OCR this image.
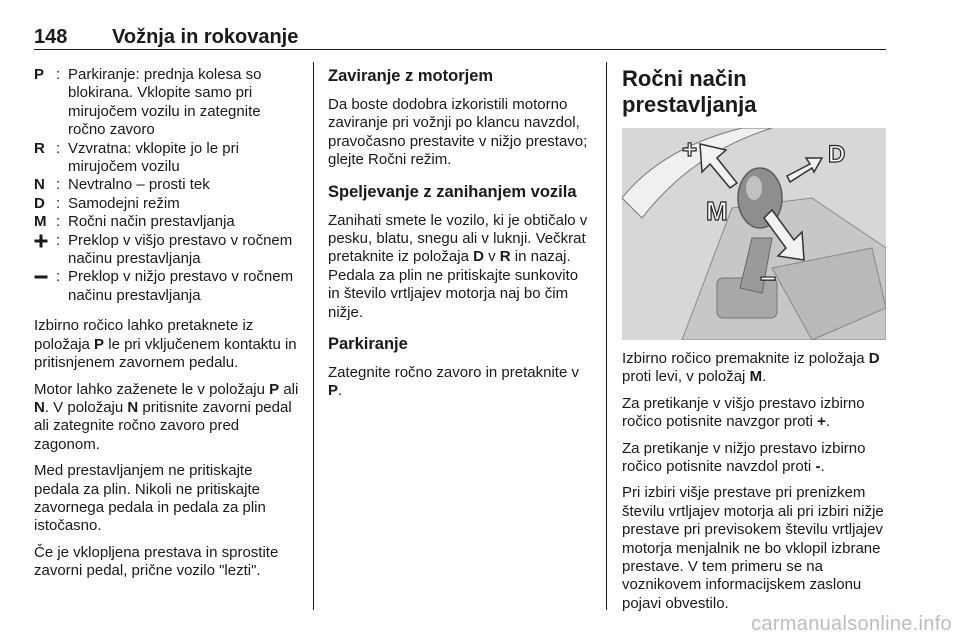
148 Vožnja in rokovanje
P : Parkiranje: prednja kolesa so blokirana. Vklopite samo pri mirujočem vozilu in zategnite ročno zavoro
R : Vzvratna: vklopite jo le pri mirujočem vozilu
N : Nevtralno – prosti tek
D : Samodejni režim
M : Ročni način prestavljanja
: Preklop v višjo prestavo v ročnem načinu prestavljanja
: Preklop v nižjo prestavo v ročnem načinu prestavljanja

Izbirno ročico lahko pretaknete iz položaja P le pri vključenem kontaktu in pritisnjenem zavornem pedalu.

Motor lahko zaženete le v položaju P ali N. V položaju N pritisnite zavorni pedal ali zategnite ročno zavoro pred zagonom.

Med prestavljanjem ne pritiskajte pedala za plin. Nikoli ne pritiskajte zavornega pedala in pedala za plin istočasno.

Če je vklopljena prestava in sprostite zavorni pedal, prične vozilo "lezti".

Zaviranje z motorjem

Da boste dodobra izkoristili motorno zaviranje pri vožnji po klancu navzdol, pravočasno prestavite v nižjo prestavo; glejte Ročni režim.

Speljevanje z zanihanjem vozila

Zanihati smete le vozilo, ki je obtičalo v pesku, blatu, snegu ali v luknji. Večkrat pretaknite iz položaja D v R in nazaj. Pedala za plin ne pritiskajte sunkovito in število vrtljajev motorja naj bo čim nižje.

Parkiranje

Zategnite ročno zavoro in pretaknite v P.

Ročni način prestavljanja
+
−
D
M

Izbirno ročico premaknite iz položaja D proti levi, v položaj M.

Za pretikanje v višjo prestavo izbirno ročico potisnite navzgor proti +.

Za pretikanje v nižjo prestavo izbirno ročico potisnite navzdol proti -.

Pri izbiri višje prestave pri prenizkem številu vrtljajev motorja ali pri izbiri nižje prestave pri previsokem številu vrtljajev motorja menjalnik ne bo vklopil izbrane prestave. V tem primeru se na voznikovem informacijskem zaslonu pojavi obvestilo.

carmanualsonline.info
